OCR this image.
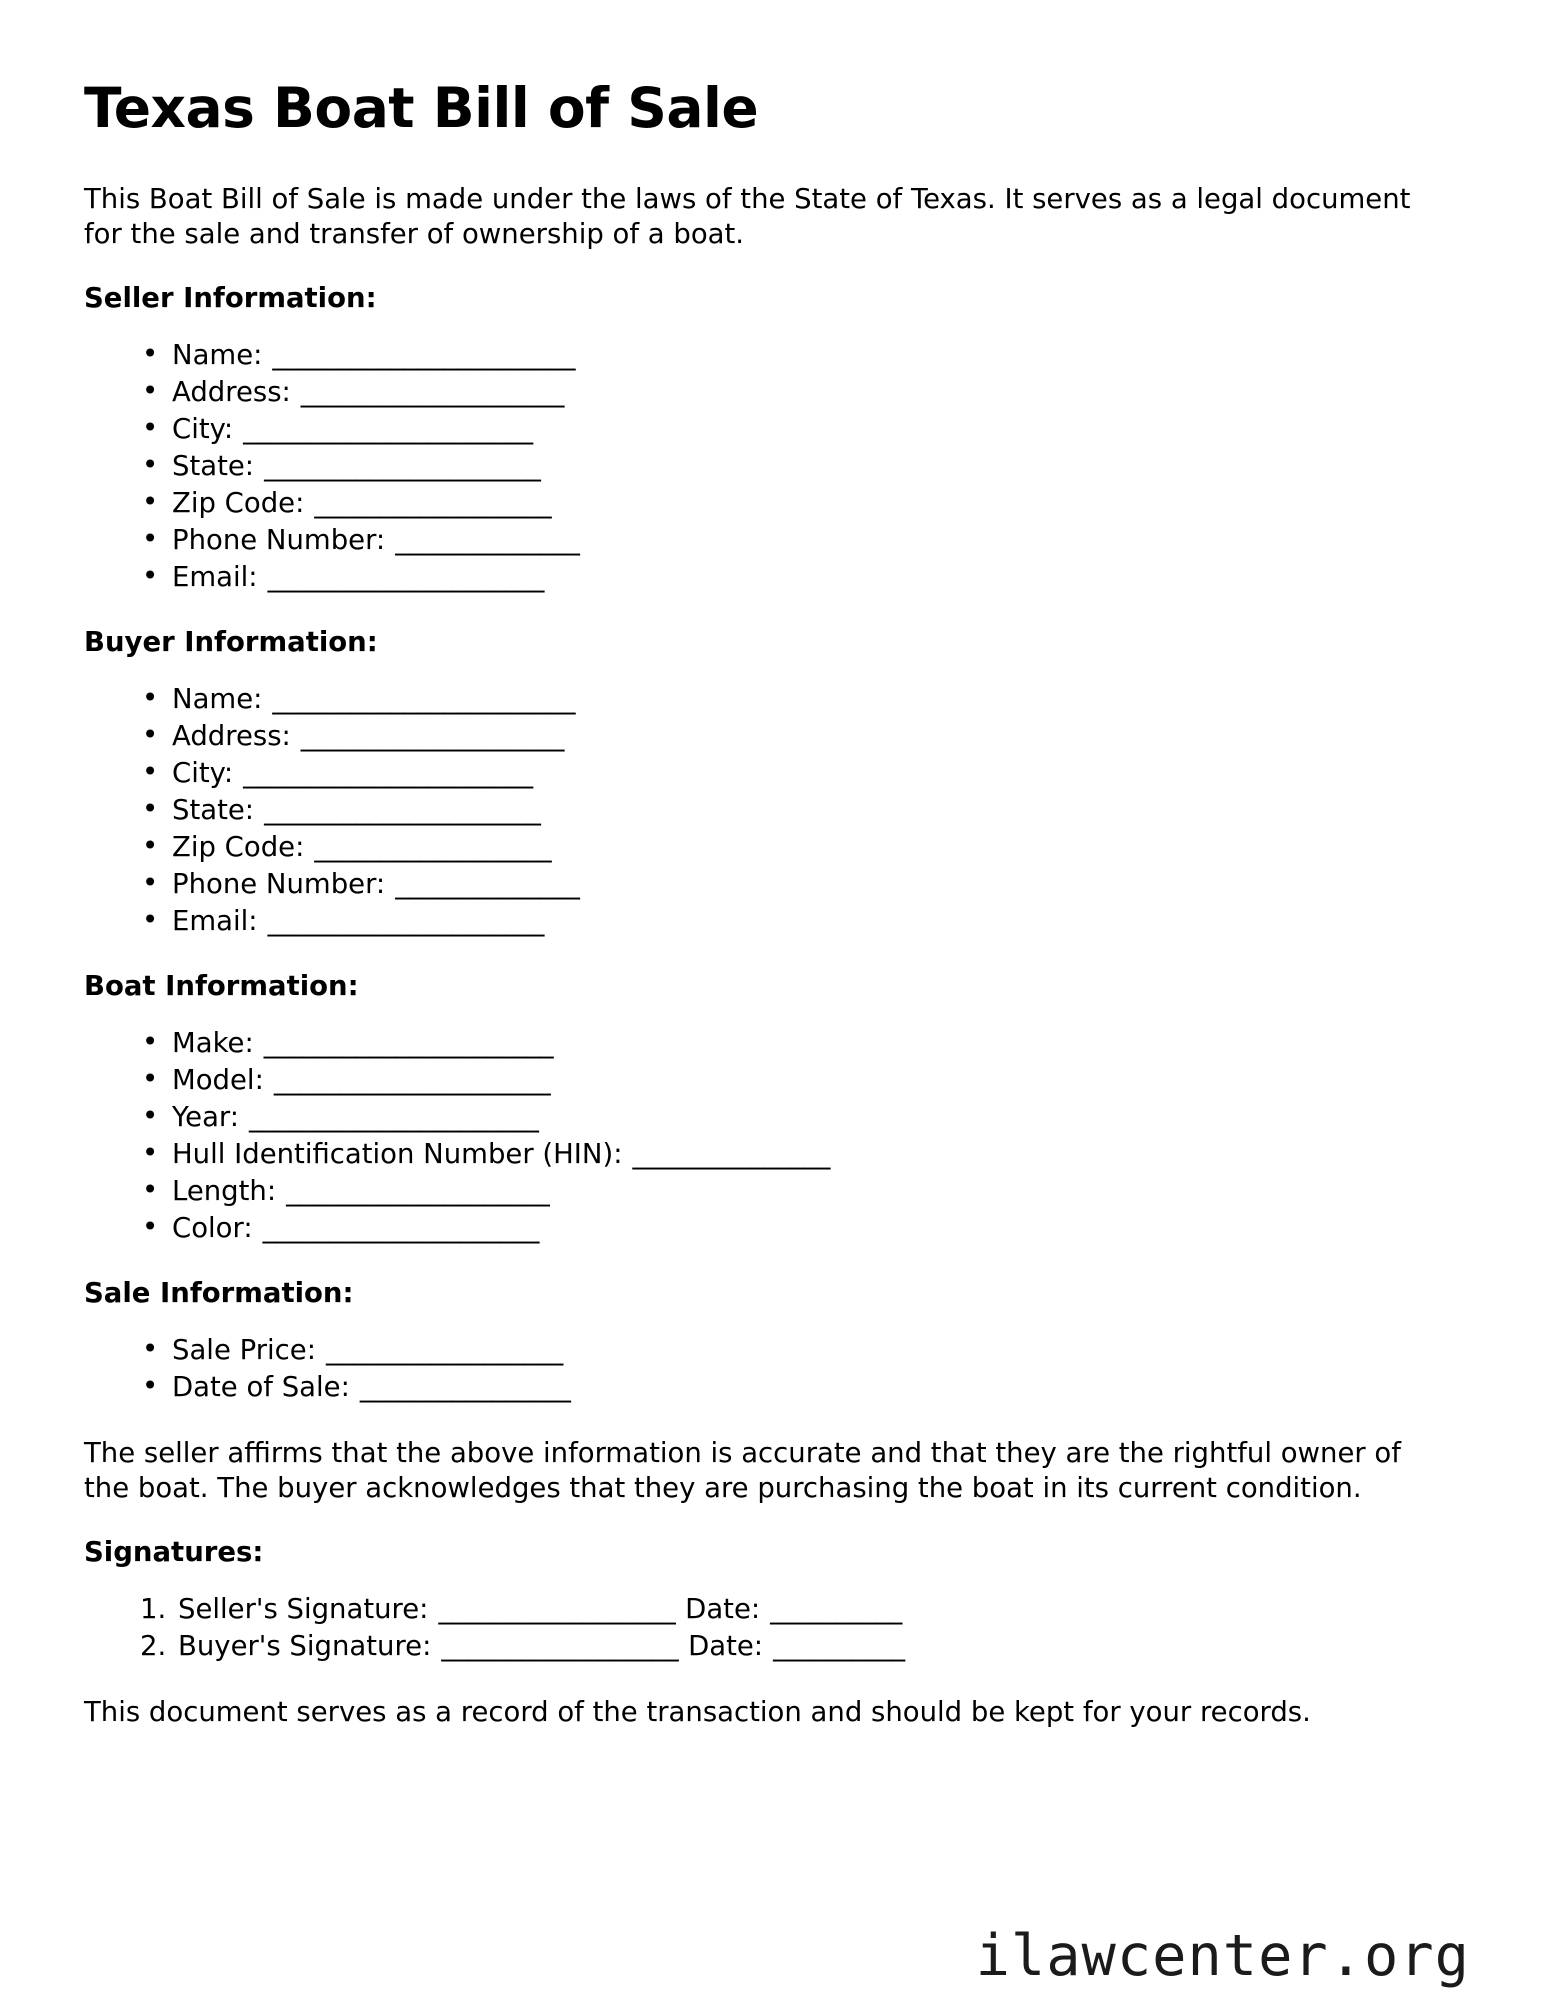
Texas Boat Bill of Sale

This Boat Bill of Sale is made under the laws of the State of Texas. It serves as a legal document for the sale and transfer of ownership of a boat.

Seller Information:
• Name: _______________________
• Address: ____________________
• City: ______________________
• State: _____________________
• Zip Code: __________________
• Phone Number: ______________
• Email: _____________________
Buyer Information:
• Name: _______________________
• Address: ____________________
• City: ______________________
• State: _____________________
• Zip Code: __________________
• Phone Number: ______________
• Email: _____________________
Boat Information:
• Make: ______________________
• Model: _____________________
• Year: ______________________
• Hull Identification Number (HIN): _______________
• Length: ____________________
• Color: _____________________
Sale Information:
• Sale Price: __________________
• Date of Sale: ________________

The seller affirms that the above information is accurate and that they are the rightful owner of the boat. The buyer acknowledges that they are purchasing the boat in its current condition.

Signatures:
Seller's Signature: __________________ Date: __________
Buyer's Signature: __________________ Date: __________

This document serves as a record of the transaction and should be kept for your records.

ilawcenter.org
